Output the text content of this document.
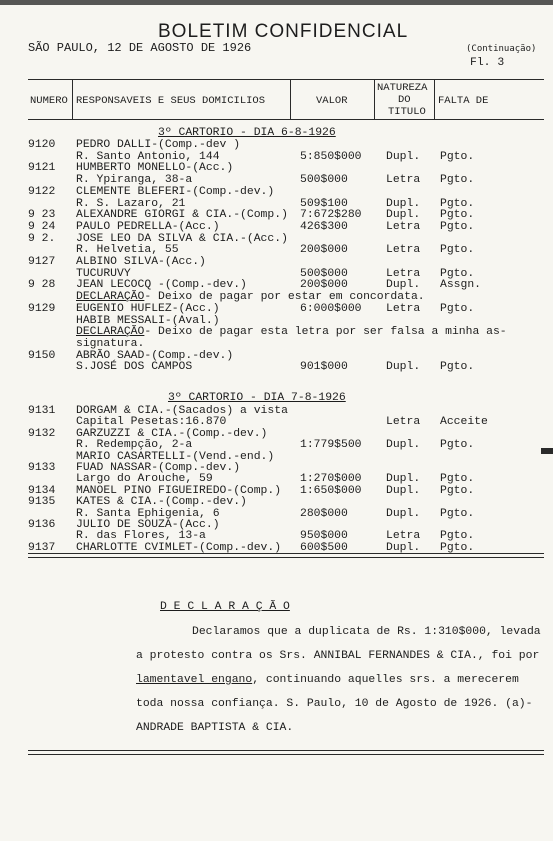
BOLETIM CONFIDENCIAL
SÃO PAULO, 12 DE AGOSTO DE 1926	(Continuação)
Fl. 3
NUMERO RESPONSAVEIS E SEUS DOMICILIOS	VALOR
NATUREZA
DO
TITULO
FALTA DE
3º CARTORIO - DIA 6-8-1926
9120 PEDRO DALLI-(Comp.-dev )
R. Santo Antonio, 144	5:850$000 Dupl. Pgto.
9121 HUMBERTO MONELLO-(Acc.)
R. Ypiranga, 38-a	500$000	Letra Pgto.
9122 CLEMENTE BLEFERI-(Comp.-dev.)
R. S. Lazaro, 21	509$100	Dupl. Pgto.
9 23 ALEXANDRE GIORGI & CIA.-(Comp.) 7:672$280 Dupl. Pgto.
9 24 PAULO PEDRELLA-(Acc.)	426$300	Letra Pgto.
9 2. JOSE LEO DA SILVA & CIA.-(Acc.)
R. Helvetia, 55	200$000	Letra Pgto.
9127 ALBINO SILVA-(Acc.)
TUCURUVY	500$000	Letra Pgto.
9 28 JEAN LECOCQ -(Comp.-dev.)	200$000	Dupl. Assgn.
DECLARAÇÃO- Deixo de pagar por estar em concordata.
9129 EUGENIO HUFLEZ-(Acc.)	6:000$000 Letra Pgto.
HABIB MESSALI-(Aval.)
DECLARAÇÃO- Deixo de pagar esta letra por ser falsa a minha as-
signatura.
9150 ABRÃO SAAD-(Comp.-dev.)
S.JOSÉ DOS CAMPOS	901$000	Dupl. Pgto.
3º CARTORIO - DIA 7-8-1926
9131 DORGAM & CIA.-(Sacados) a vista
Capital Pesetas:16.870	Letra Acceite
9132 GARZUZZI & CIA.-(Comp.-dev.)
R. Redempção, 2-a	1:779$500 Dupl. Pgto.
MARIO CASARTELLI-(Vend.-end.)
9133 FUAD NASSAR-(Comp.-dev.)
Largo do Arouche, 59	1:270$000 Dupl. Pgto.
9134 MANOEL PINO FIGUEIREDO-(Comp.) 1:650$000 Dupl. Pgto.
9135 KATES & CIA.-(Comp.-dev.)
R. Santa Ephigenia, 6	280$000	Dupl. Pgto.
9136 JULIO DE SOUZA-(Acc.)
R. das Flores, 13-a	950$000	Letra Pgto.
9137 CHARLOTTE CVIMLET-(Comp.-dev.) 600$500	Dupl. Pgto.
D E C L A R A Ç Ã O
Declaramos que a duplicata de Rs. 1:310$000, levada
a protesto contra os Srs. ANNIBAL FERNANDES & CIA., foi por
lamentavel engano, continuando aquelles srs. a merecerem
toda nossa confiança. S. Paulo, 10 de Agosto de 1926. (a)-
ANDRADE BAPTISTA & CIA.
